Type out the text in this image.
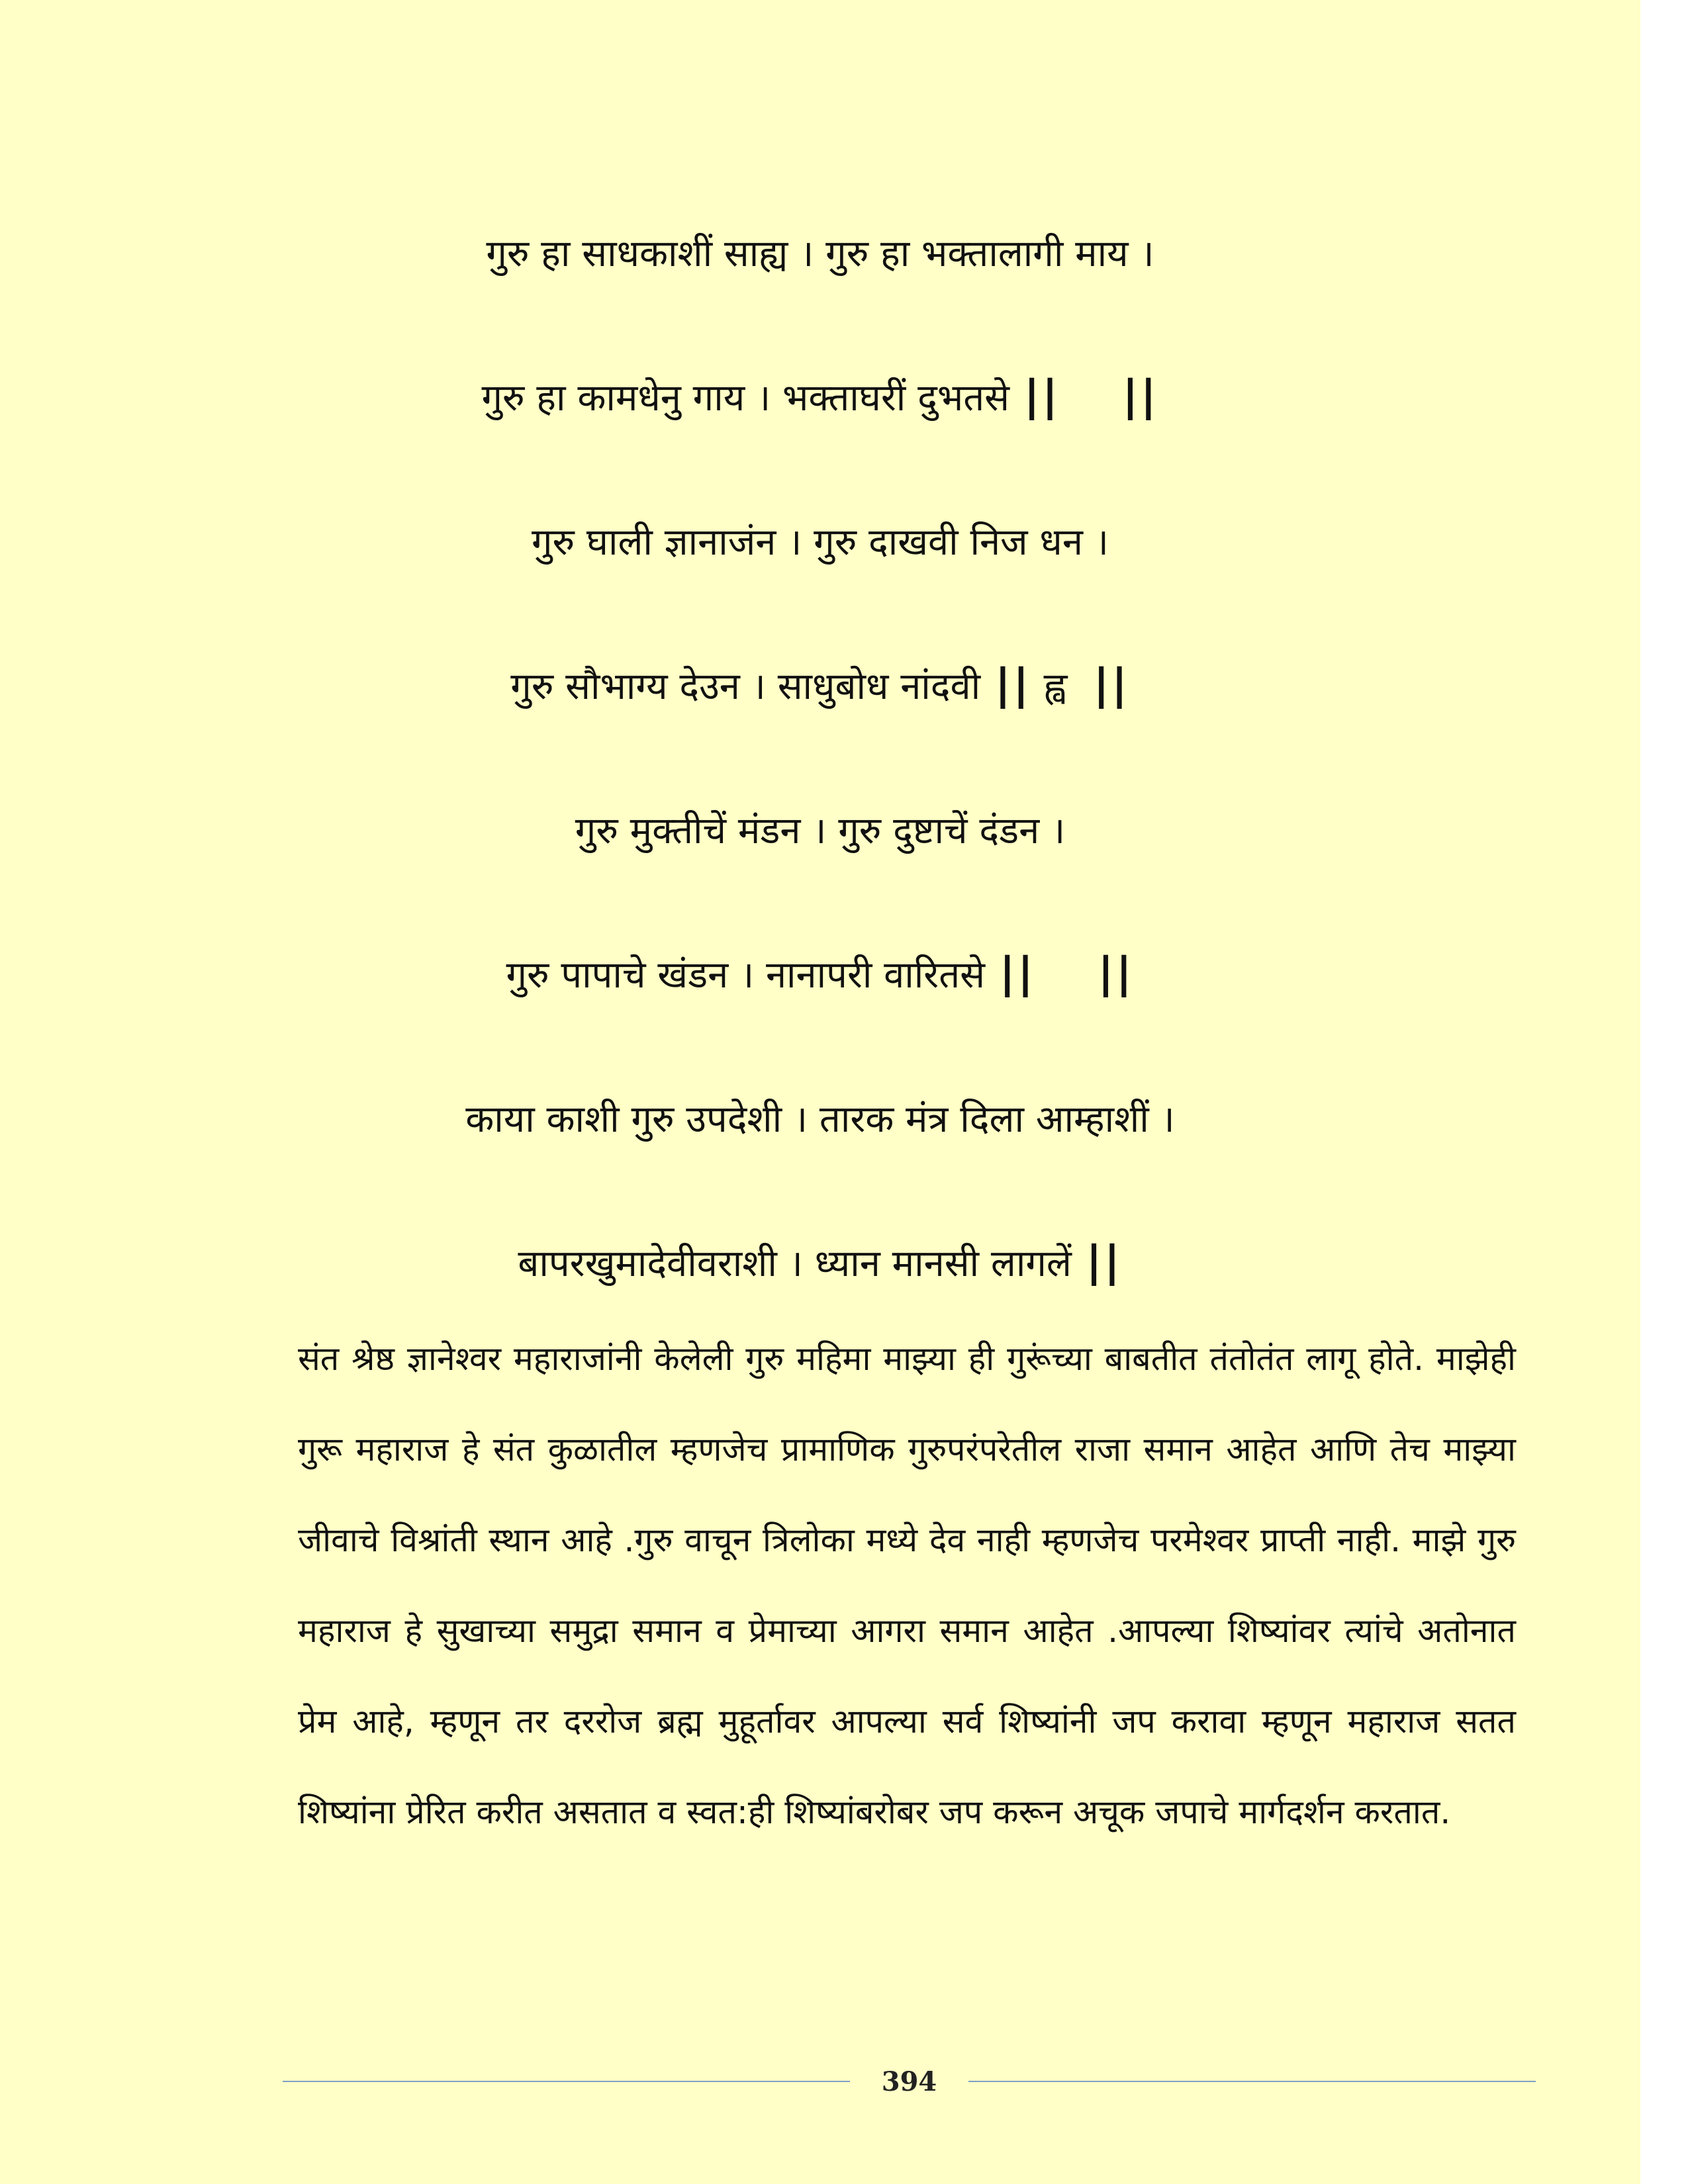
गुरु हा साधकाशीं साह्य । गुरु हा भक्तालागी माय ।
गुरु हा कामधेनु गाय । भक्ताघरीं दुभतसे || ||
गुरु घाली ज्ञानाजंन । गुरु दाखवी निज धन ।
गुरु सौभाग्य देउन । साधुबोध नांदवी || ह्व ||
गुरु मुक्तीचें मंडन । गुरु दुष्टाचें दंडन ।
गुरु पापाचे खंडन । नानापरी वारितसे || ||
काया काशी गुरु उपदेशी । तारक मंत्र दिला आम्हाशीं ।
बापरखुमादेवीवराशी । ध्यान मानसी लागलें ||
संत श्रेष्ठ ज्ञानेश्वर महाराजांनी केलेली गुरु महिमा माझ्या ही गुरूंच्या बाबतीत तंतोतंत लागू होते. माझेही गुरू महाराज हे संत कुळातील म्हणजेच प्रामाणिक गुरुपरंपरेतील राजा समान आहेत आणि तेच माझ्या जीवाचे विश्रांती स्थान आहे .गुरु वाचून त्रिलोका मध्ये देव नाही म्हणजेच परमेश्वर प्राप्ती नाही. माझे गुरु महाराज हे सुखाच्या समुद्रा समान व प्रेमाच्या आगरा समान आहेत .आपल्या शिष्यांवर त्यांचे अतोनात प्रेम आहे, म्हणून तर दररोज ब्रह्म मुहूर्तावर आपल्या सर्व शिष्यांनी जप करावा म्हणून महाराज सतत शिष्यांना प्रेरित करीत असतात व स्वत:ही शिष्यांबरोबर जप करून अचूक जपाचे मार्गदर्शन करतात.
394
